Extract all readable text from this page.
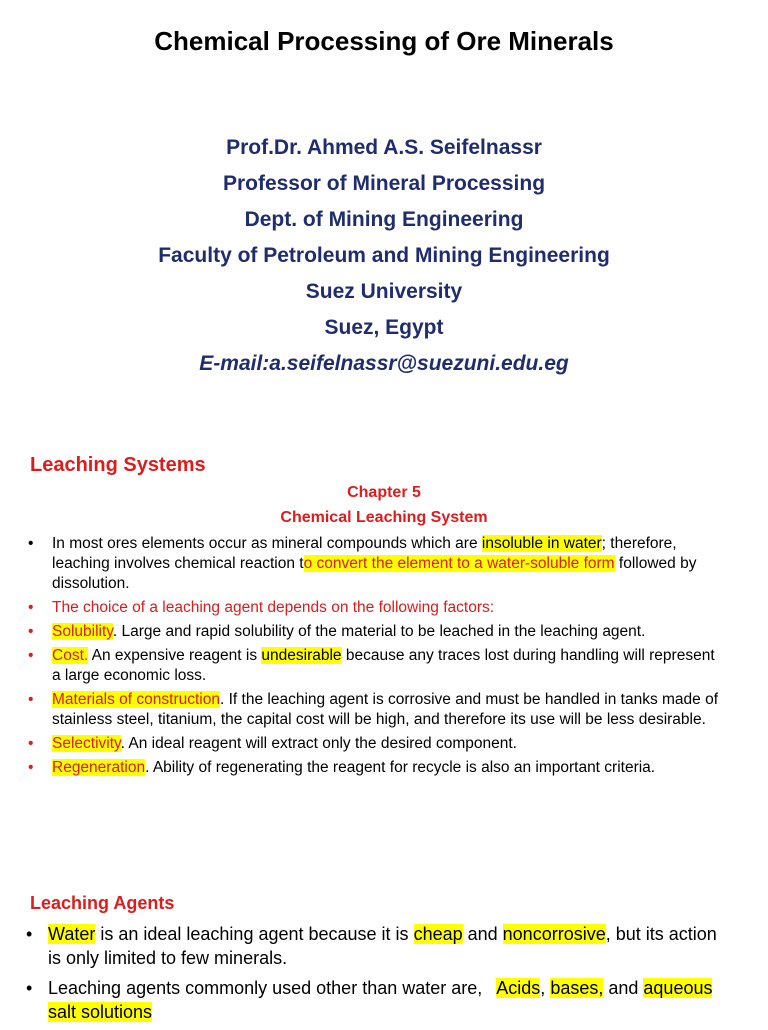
Chemical Processing of Ore Minerals
Prof.Dr. Ahmed A.S. Seifelnassr
Professor of Mineral Processing
Dept. of Mining Engineering
Faculty of Petroleum and Mining Engineering
Suez University
Suez, Egypt
E-mail:a.seifelnassr@suezuni.edu.eg
Leaching Systems
Chapter 5
Chemical Leaching System
• In most ores elements occur as mineral compounds which are insoluble in water; therefore, leaching involves chemical reaction to convert the element to a water-soluble form followed by dissolution.
• The choice of a leaching agent depends on the following factors:
• Solubility. Large and rapid solubility of the material to be leached in the leaching agent.
• Cost. An expensive reagent is undesirable because any traces lost during handling will represent a large economic loss.
• Materials of construction. If the leaching agent is corrosive and must be handled in tanks made of stainless steel, titanium, the capital cost will be high, and therefore its use will be less desirable.
• Selectivity. An ideal reagent will extract only the desired component.
• Regeneration. Ability of regenerating the reagent for recycle is also an important criteria.
Leaching Agents
• Water is an ideal leaching agent because it is cheap and noncorrosive, but its action is only limited to few minerals.
• Leaching agents commonly used other than water are,   Acids, bases, and aqueous salt solutions
